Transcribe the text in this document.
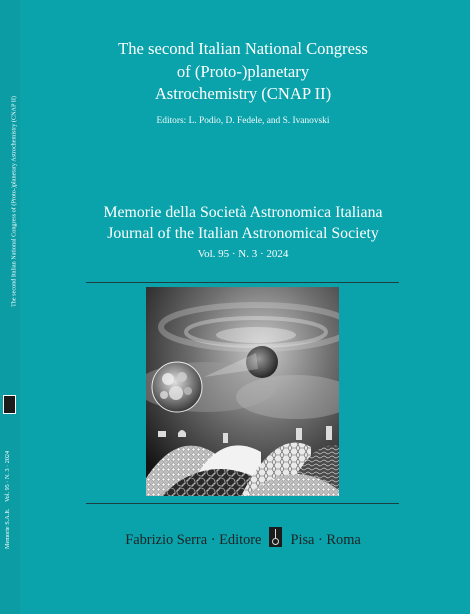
The second Italian National Congress of (Proto-)planetary Astrochemistry (CNAP II)
Memorie S.A.It.
Vol. 95 · N. 3 · 2024
The second Italian National Congress
of (Proto-)planetary
Astrochemistry (CNAP II)
Editors: L. Podio, D. Fedele, and S. Ivanovski
Memorie della Società Astronomica Italiana
Journal of the Italian Astronomical Society
Vol. 95 · N. 3 · 2024
Fabrizio Serra · Editore Pisa · Roma
